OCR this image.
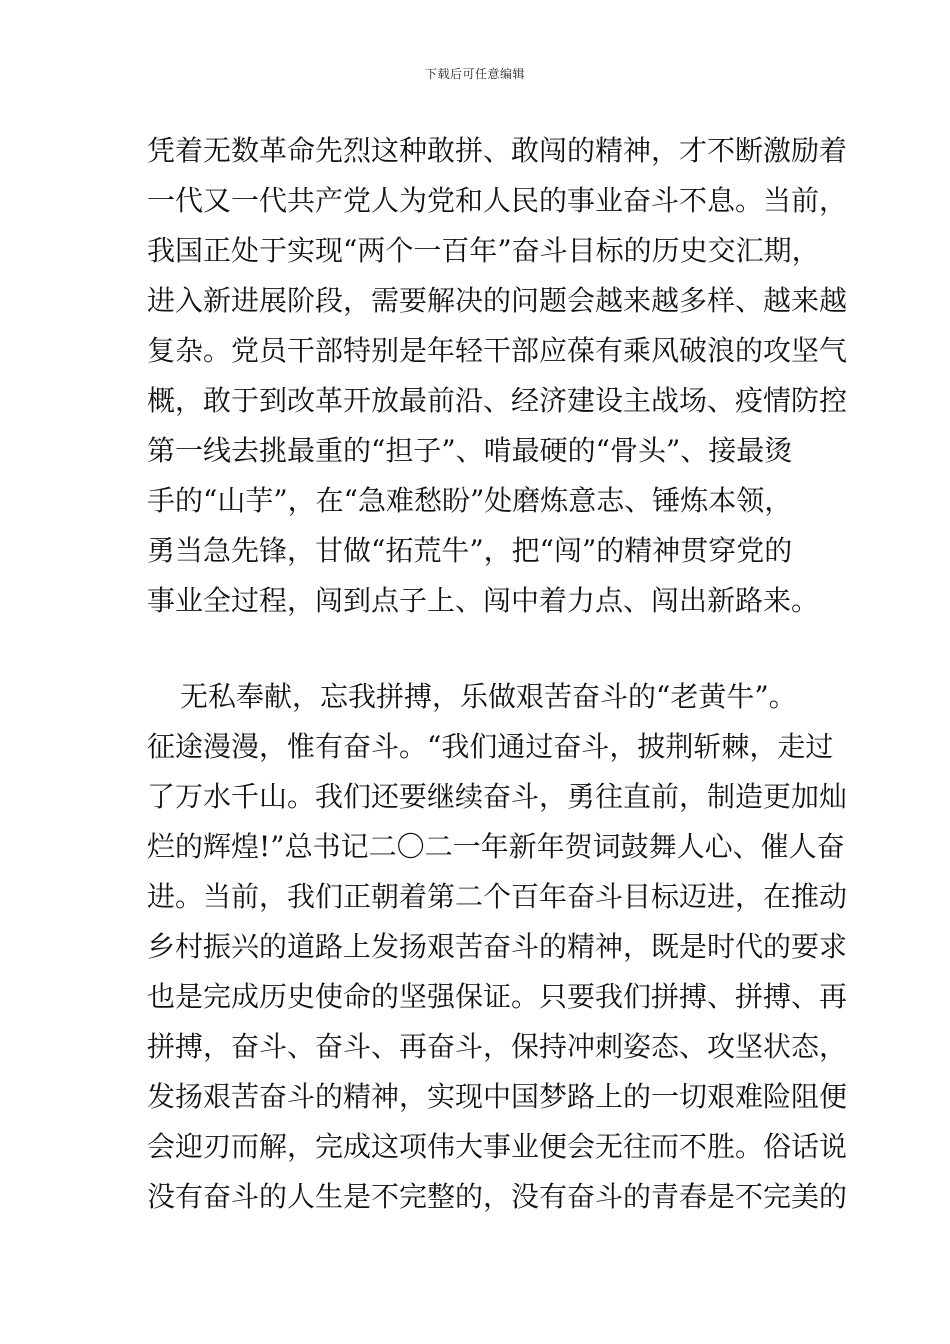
下载后可任意编辑
凭着无数革命先烈这种敢拼、敢闯的精神，才不断激励着
一代又一代共产党人为党和人民的事业奋斗不息。当前，
我国正处于实现“两个一百年”奋斗目标的历史交汇期，
进入新进展阶段，需要解决的问题会越来越多样、越来越
复杂。党员干部特别是年轻干部应葆有乘风破浪的攻坚气
概，敢于到改革开放最前沿、经济建设主战场、疫情防控
第一线去挑最重的“担子”、啃最硬的“骨头”、接最烫
手的“山芋”，在“急难愁盼”处磨炼意志、锤炼本领，
勇当急先锋，甘做“拓荒牛”，把“闯”的精神贯穿党的
事业全过程，闯到点子上、闯中着力点、闯出新路来。
无私奉献，忘我拼搏，乐做艰苦奋斗的“老黄牛”。
征途漫漫，惟有奋斗。“我们通过奋斗，披荆斩棘，走过
了万水千山。我们还要继续奋斗，勇往直前，制造更加灿
烂的辉煌!”总书记二〇二一年新年贺词鼓舞人心、催人奋
进。当前，我们正朝着第二个百年奋斗目标迈进，在推动
乡村振兴的道路上发扬艰苦奋斗的精神，既是时代的要求
也是完成历史使命的坚强保证。只要我们拼搏、拼搏、再
拼搏，奋斗、奋斗、再奋斗，保持冲刺姿态、攻坚状态，
发扬艰苦奋斗的精神，实现中国梦路上的一切艰难险阻便
会迎刃而解，完成这项伟大事业便会无往而不胜。俗话说
没有奋斗的人生是不完整的，没有奋斗的青春是不完美的
